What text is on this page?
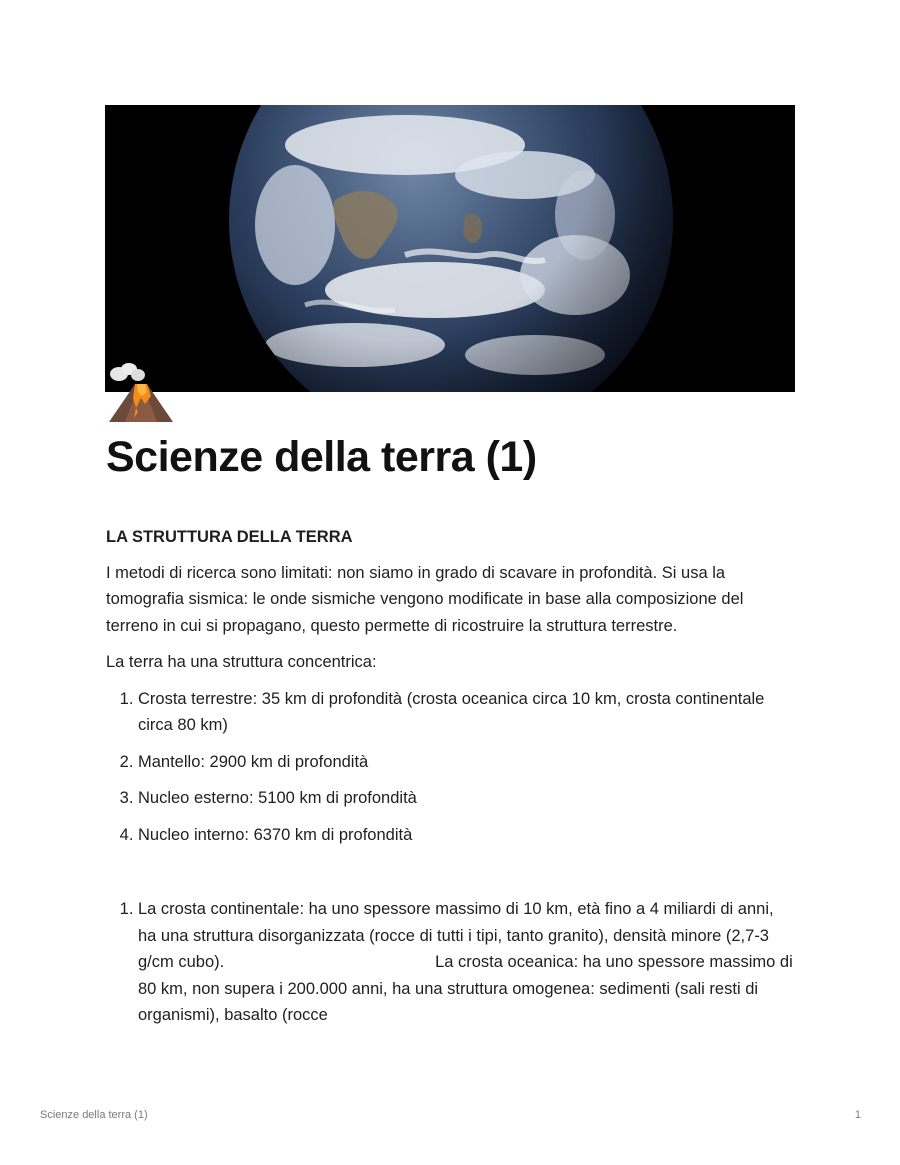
Scienze della terra (1)
LA STRUTTURA DELLA TERRA

I metodi di ricerca sono limitati: non siamo in grado di scavare in profondità. Si usa la tomografia sismica: le onde sismiche vengono modificate in base alla composizione del terreno in cui si propagano, questo permette di ricostruire la struttura terrestre.

La terra ha una struttura concentrica:

1. Crosta terrestre: 35 km di profondità (crosta oceanica circa 10 km, crosta continentale circa 80 km)
2. Mantello: 2900 km di profondità
3. Nucleo esterno: 5100 km di profondità
4. Nucleo interno: 6370 km di profondità
1. La crosta continentale: ha uno spessore massimo di 10 km, età fino a 4 miliardi di anni, ha una struttura disorganizzata (rocce di tutti i tipi, tanto granito), densità minore (2,7-3 g/cm cubo).                                              La crosta oceanica: ha uno spessore massimo di 80 km, non supera i 200.000 anni, ha una struttura omogenea: sedimenti (sali resti di organismi), basalto (rocce
Scienze della terra (1)	1
